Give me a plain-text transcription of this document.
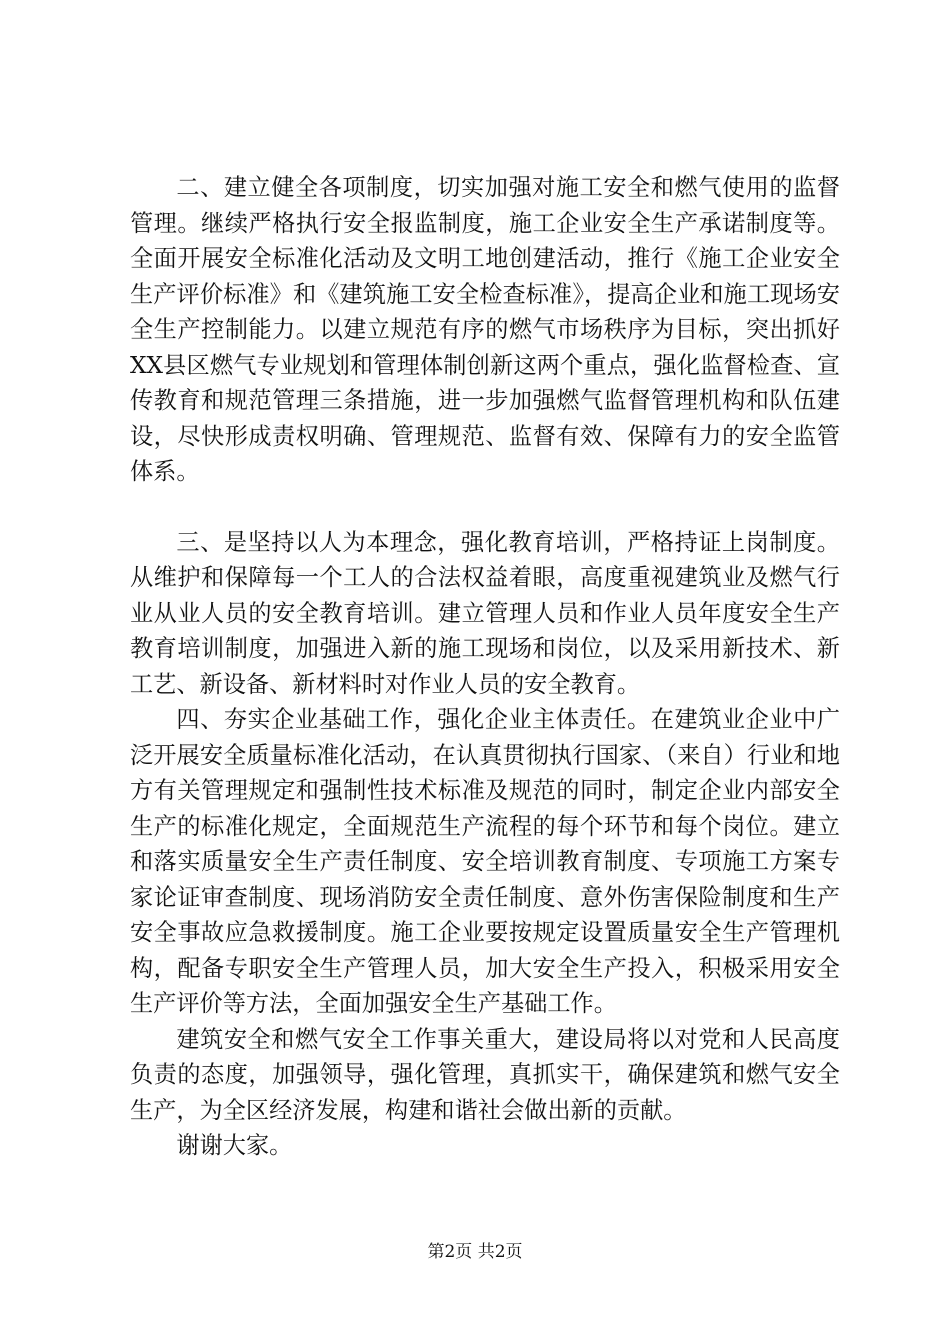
二、建立健全各项制度，切实加强对施工安全和燃气使用的监督管理。继续严格执行安全报监制度，施工企业安全生产承诺制度等。全面开展安全标准化活动及文明工地创建活动，推行《施工企业安全生产评价标准》和《建筑施工安全检查标准》，提高企业和施工现场安全生产控制能力。以建立规范有序的燃气市场秩序为目标，突出抓好XX县区燃气专业规划和管理体制创新这两个重点，强化监督检查、宣传教育和规范管理三条措施，进一步加强燃气监督管理机构和队伍建设，尽快形成责权明确、管理规范、监督有效、保障有力的安全监管体系。

三、是坚持以人为本理念，强化教育培训，严格持证上岗制度。从维护和保障每一个工人的合法权益着眼，高度重视建筑业及燃气行业从业人员的安全教育培训。建立管理人员和作业人员年度安全生产教育培训制度，加强进入新的施工现场和岗位，以及采用新技术、新工艺、新设备、新材料时对作业人员的安全教育。

四、夯实企业基础工作，强化企业主体责任。在建筑业企业中广泛开展安全质量标准化活动，在认真贯彻执行国家、（来自）行业和地方有关管理规定和强制性技术标准及规范的同时，制定企业内部安全生产的标准化规定，全面规范生产流程的每个环节和每个岗位。建立和落实质量安全生产责任制度、安全培训教育制度、专项施工方案专家论证审查制度、现场消防安全责任制度、意外伤害保险制度和生产安全事故应急救援制度。施工企业要按规定设置质量安全生产管理机构，配备专职安全生产管理人员，加大安全生产投入，积极采用安全生产评价等方法，全面加强安全生产基础工作。

建筑安全和燃气安全工作事关重大，建设局将以对党和人民高度负责的态度，加强领导，强化管理，真抓实干，确保建筑和燃气安全生产，为全区经济发展，构建和谐社会做出新的贡献。

谢谢大家。

第2页 共2页
